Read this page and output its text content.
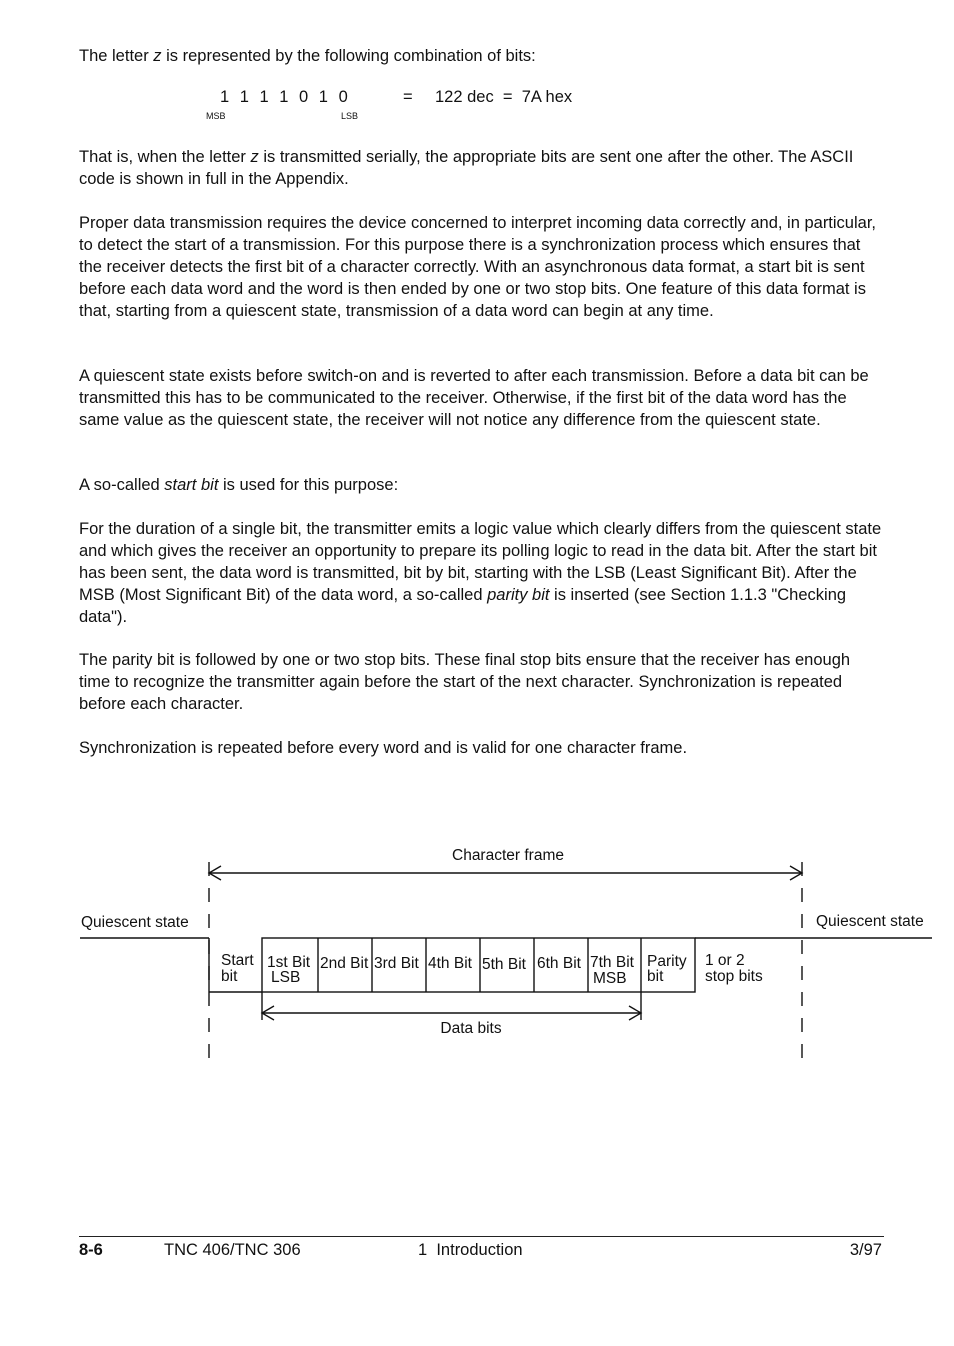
The letter z is represented by the following combination of bits:

1 1 1 1 0 1 0
MSB	LSB
= 122 dec  =  7A hex

That is, when the letter z is transmitted serially, the appropriate bits are sent one after the other. The ASCII code is shown in full in the Appendix.

Proper data transmission requires the device concerned to interpret incoming data correctly and, in particular, to detect the start of a transmission. For this purpose there is a synchronization process which ensures that the receiver detects the first bit of a character correctly. With an asynchronous data format, a start bit is sent before each data word and the word is then ended by one or two stop bits. One feature of this data format is that, starting from a quiescent state, transmission of a data word can begin at any time.

A quiescent state exists before switch-on and is reverted to after each transmission. Before a data bit can be transmitted this has to be communicated to the receiver. Otherwise, if the first bit of the data word has the same value as the quiescent state, the receiver will not notice any difference from the quiescent state.

A so-called start bit is used for this purpose:

For the duration of a single bit, the transmitter emits a logic value which clearly differs from the quiescent state and which gives the receiver an opportunity to prepare its polling logic to read in the data bit. After the start bit has been sent, the data word is transmitted, bit by bit, starting with the LSB (Least Significant Bit). After the MSB (Most Significant Bit) of the data word, a so-called parity bit is inserted (see Section 1.1.3 "Checking data").

The parity bit is followed by one or two stop bits. These final stop bits ensure that the receiver has enough time to recognize the transmitter again before the start of the next character. Synchronization is repeated before each character.

Synchronization is repeated before every word and is valid for one character frame.

Character frame
Quiescent state	Quiescent state
Start
bit
1st Bit
LSB
2nd Bit 3rd Bit 4th Bit 5th Bit 6th Bit 7th Bit
MSB
Parity
bit
1 or 2
stop bits
Data bits
8-6	TNC 406/TNC 306	1  Introduction	3/97
